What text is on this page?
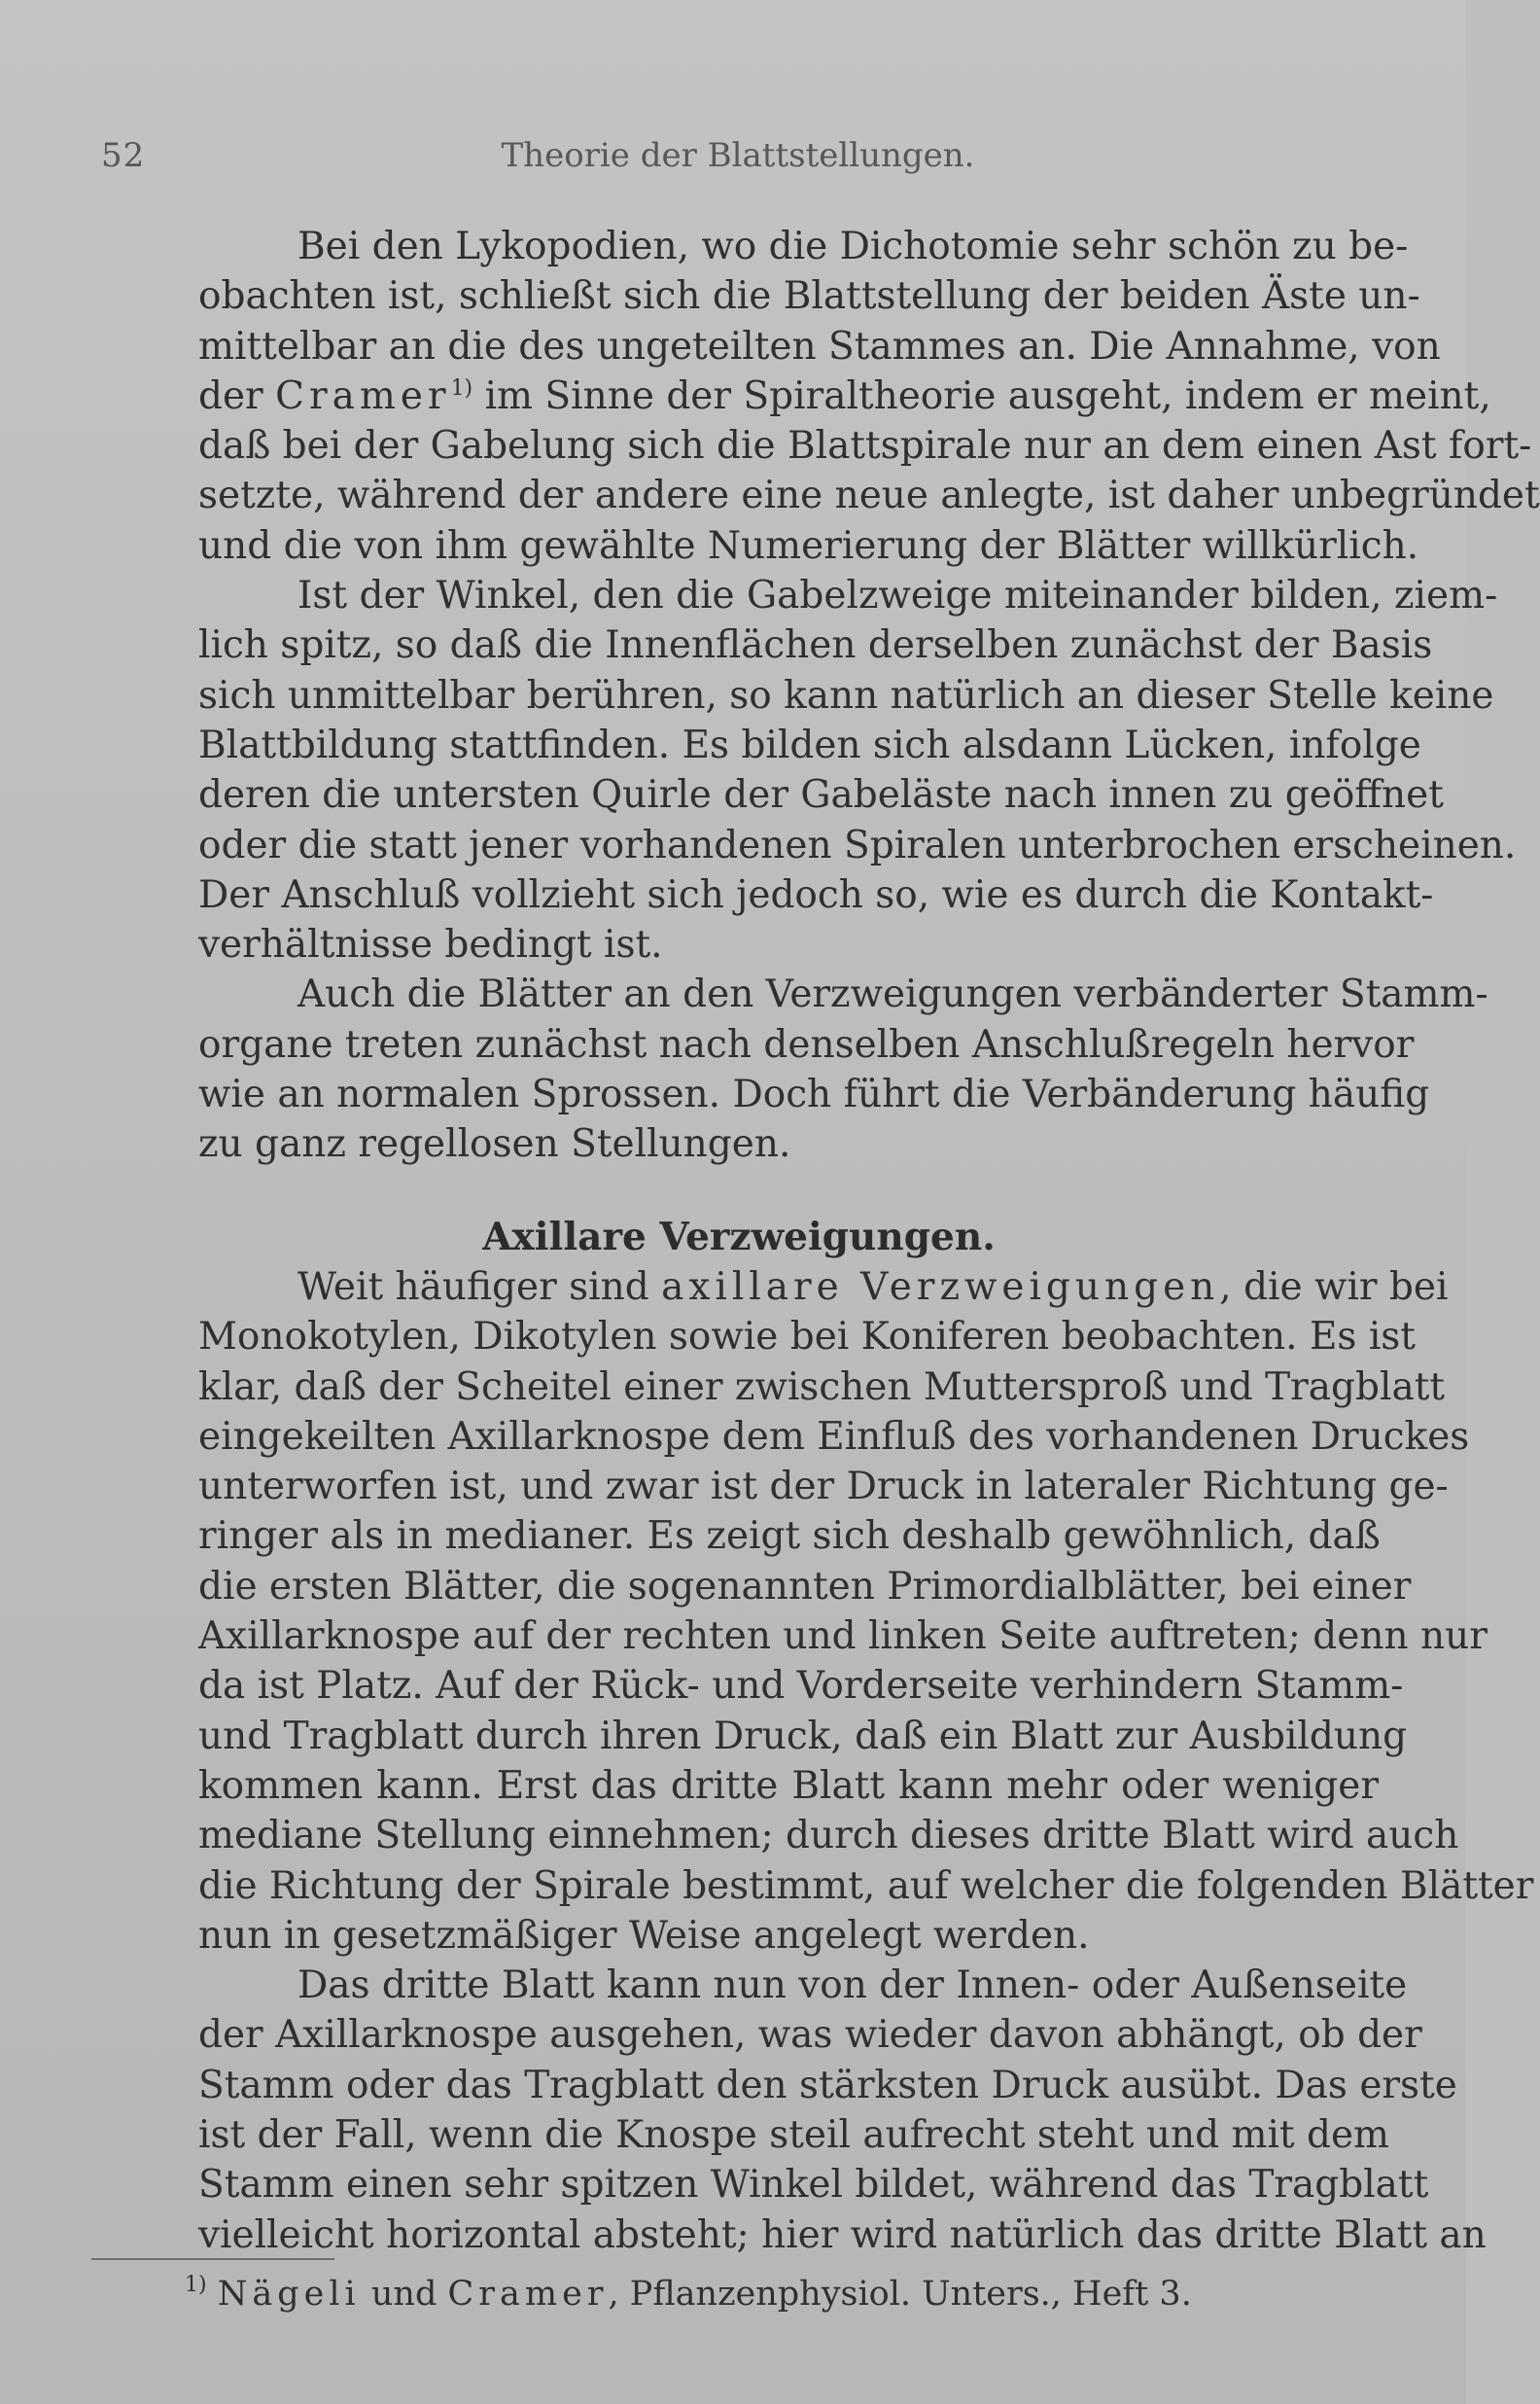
52	Theorie der Blattstellungen.

Bei den Lykopodien, wo die Dichotomie sehr schön zu be-
obachten ist, schließt sich die Blattstellung der beiden Äste un-
mittelbar an die des ungeteilten Stammes an. Die Annahme, von
der Cramer$^{1)}$ im Sinne der Spiraltheorie ausgeht, indem er meint,
daß bei der Gabelung sich die Blattspirale nur an dem einen Ast fort-
setzte, während der andere eine neue anlegte, ist daher unbegründet
und die von ihm gewählte Numerierung der Blätter willkürlich.

Ist der Winkel, den die Gabelzweige miteinander bilden, ziem-
lich spitz, so daß die Innenflächen derselben zunächst der Basis
sich unmittelbar berühren, so kann natürlich an dieser Stelle keine
Blattbildung stattfinden. Es bilden sich alsdann Lücken, infolge
deren die untersten Quirle der Gabeläste nach innen zu geöffnet
oder die statt jener vorhandenen Spiralen unterbrochen erscheinen.
Der Anschluß vollzieht sich jedoch so, wie es durch die Kontakt-
verhältnisse bedingt ist.

Auch die Blätter an den Verzweigungen verbänderter Stamm-
organe treten zunächst nach denselben Anschlußregeln hervor
wie an normalen Sprossen. Doch führt die Verbänderung häufig
zu ganz regellosen Stellungen.

Axillare Verzweigungen.

Weit häufiger sind axillare Verzweigungen, die wir bei
Monokotylen, Dikotylen sowie bei Koniferen beobachten. Es ist
klar, daß der Scheitel einer zwischen Muttersproß und Tragblatt
eingekeilten Axillarknospe dem Einfluß des vorhandenen Druckes
unterworfen ist, und zwar ist der Druck in lateraler Richtung ge-
ringer als in medianer. Es zeigt sich deshalb gewöhnlich, daß
die ersten Blätter, die sogenannten Primordialblätter, bei einer
Axillarknospe auf der rechten und linken Seite auftreten; denn nur
da ist Platz. Auf der Rück- und Vorderseite verhindern Stamm-
und Tragblatt durch ihren Druck, daß ein Blatt zur Ausbildung
kommen kann. Erst das dritte Blatt kann mehr oder weniger
mediane Stellung einnehmen; durch dieses dritte Blatt wird auch
die Richtung der Spirale bestimmt, auf welcher die folgenden Blätter
nun in gesetzmäßiger Weise angelegt werden.

Das dritte Blatt kann nun von der Innen- oder Außenseite
der Axillarknospe ausgehen, was wieder davon abhängt, ob der
Stamm oder das Tragblatt den stärksten Druck ausübt. Das erste
ist der Fall, wenn die Knospe steil aufrecht steht und mit dem
Stamm einen sehr spitzen Winkel bildet, während das Tragblatt
vielleicht horizontal absteht; hier wird natürlich das dritte Blatt an

$^{1)}$ Nägeli und Cramer, Pflanzenphysiol. Unters., Heft 3.
